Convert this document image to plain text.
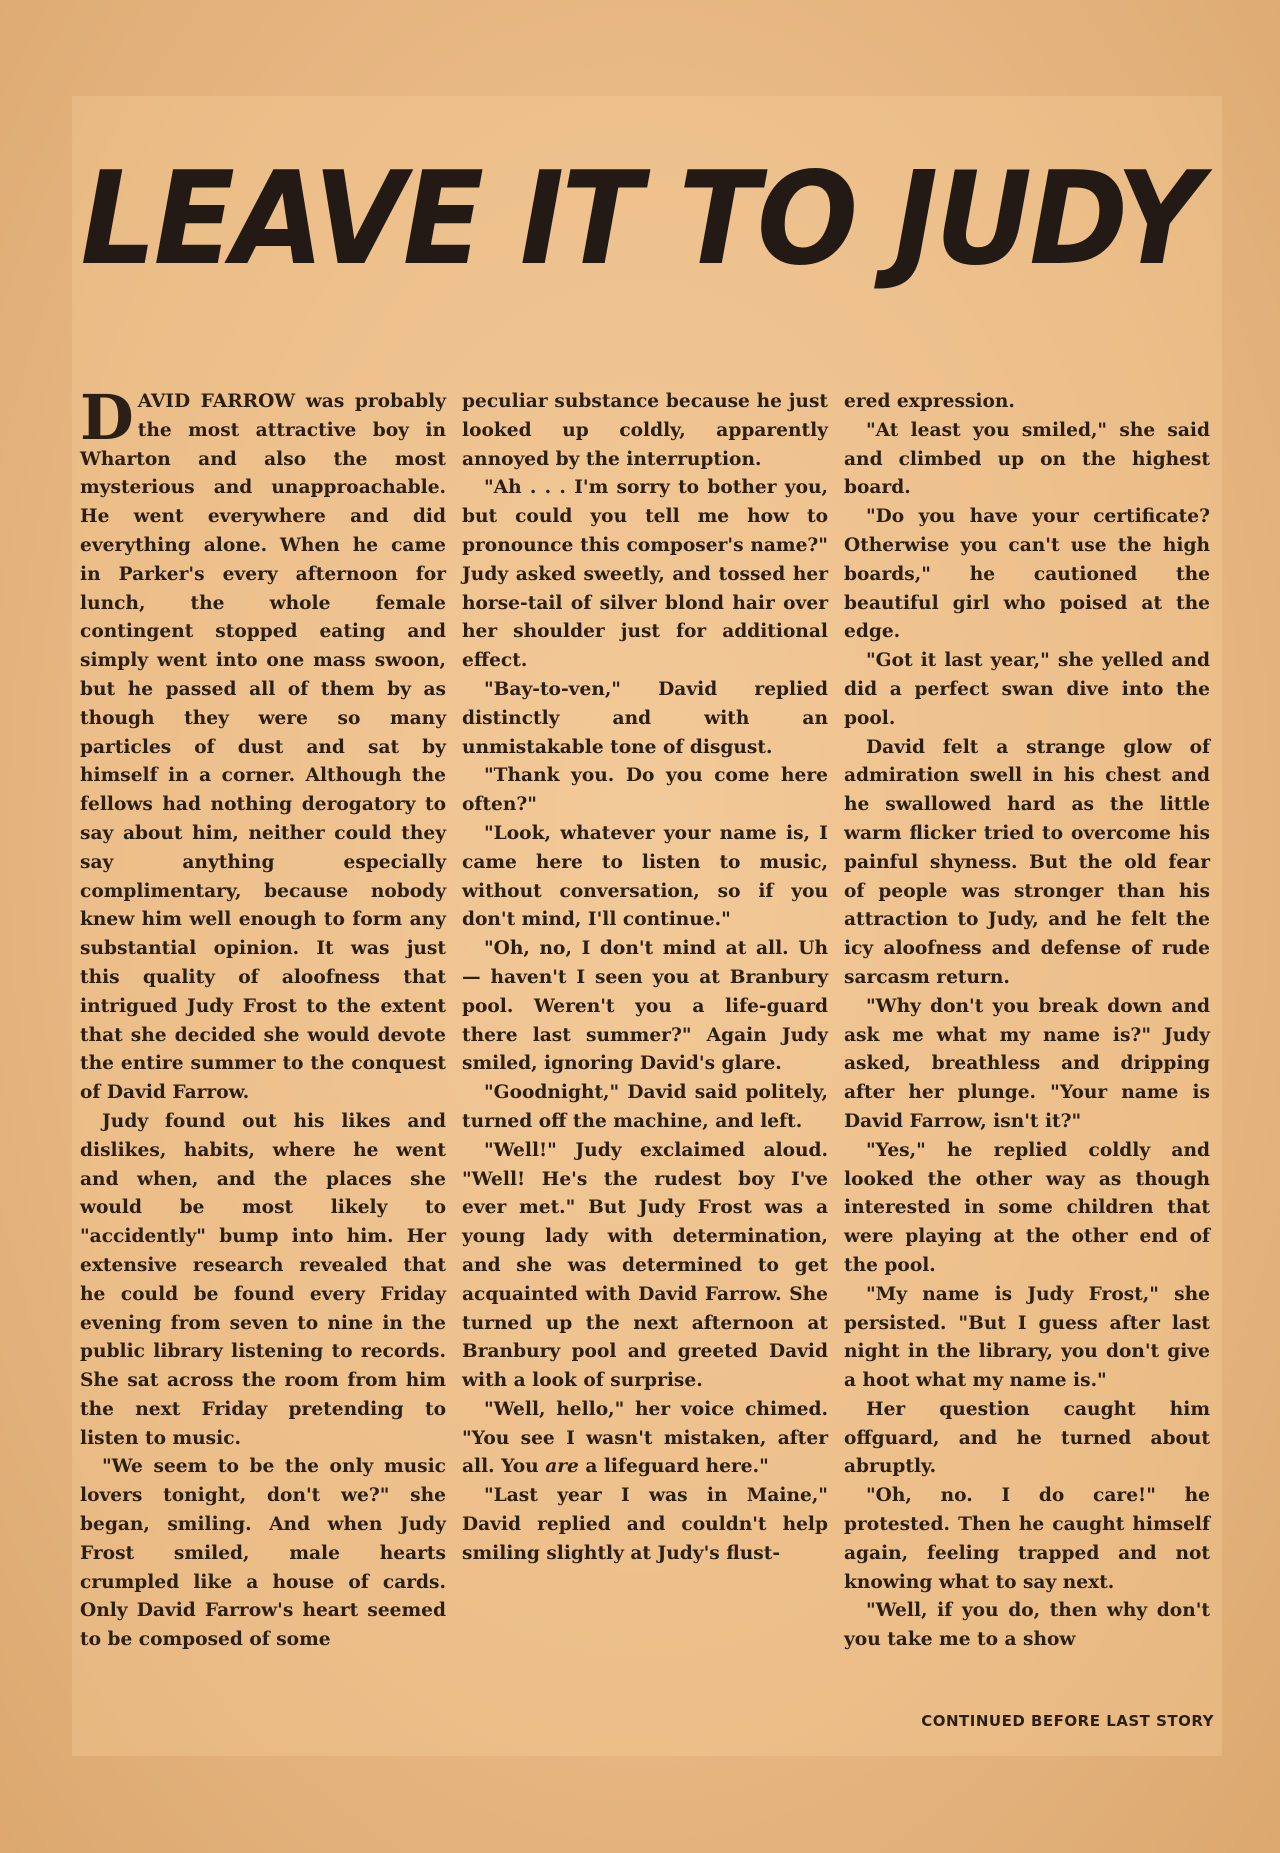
LEAVE IT TO JUDY

DAVID FARROW was probably the most attractive boy in Wharton and also the most mysterious and unapproachable. He went everywhere and did everything alone. When he came in Parker's every afternoon for lunch, the whole female contingent stopped eating and simply went into one mass swoon, but he passed all of them by as though they were so many particles of dust and sat by himself in a corner. Although the fellows had nothing derogatory to say about him, neither could they say anything especially complimentary, because nobody knew him well enough to form any substantial opinion. It was just this quality of aloofness that intrigued Judy Frost to the extent that she decided she would devote the entire summer to the conquest of David Farrow.

Judy found out his likes and dislikes, habits, where he went and when, and the places she would be most likely to "accidently" bump into him. Her extensive research revealed that he could be found every Friday evening from seven to nine in the public library listening to records. She sat across the room from him the next Friday pretending to listen to music.

"We seem to be the only music lovers tonight, don't we?" she began, smiling. And when Judy Frost smiled, male hearts crumpled like a house of cards. Only David Farrow's heart seemed to be composed of some

peculiar substance because he just looked up coldly, apparently annoyed by the interruption.

"Ah . . . I'm sorry to bother you, but could you tell me how to pronounce this composer's name?" Judy asked sweetly, and tossed her horse-tail of silver blond hair over her shoulder just for additional effect.

"Bay-to-ven," David replied distinctly and with an unmistakable tone of disgust.

"Thank you. Do you come here often?"

"Look, whatever your name is, I came here to listen to music, without conversation, so if you don't mind, I'll continue."

"Oh, no, I don't mind at all. Uh — haven't I seen you at Branbury pool. Weren't you a life-guard there last summer?" Again Judy smiled, ignoring David's glare.

"Goodnight," David said politely, turned off the machine, and left.

"Well!" Judy exclaimed aloud. "Well! He's the rudest boy I've ever met." But Judy Frost was a young lady with determination, and she was determined to get acquainted with David Farrow. She turned up the next afternoon at Branbury pool and greeted David with a look of surprise.

"Well, hello," her voice chimed. "You see I wasn't mistaken, after all. You are a lifeguard here."

"Last year I was in Maine," David replied and couldn't help smiling slightly at Judy's flust-

ered expression.

"At least you smiled," she said and climbed up on the highest board.

"Do you have your certificate? Otherwise you can't use the high boards," he cautioned the beautiful girl who poised at the edge.

"Got it last year," she yelled and did a perfect swan dive into the pool.

David felt a strange glow of admiration swell in his chest and he swallowed hard as the little warm flicker tried to overcome his painful shyness. But the old fear of people was stronger than his attraction to Judy, and he felt the icy aloofness and defense of rude sarcasm return.

"Why don't you break down and ask me what my name is?" Judy asked, breathless and dripping after her plunge. "Your name is David Farrow, isn't it?"

"Yes," he replied coldly and looked the other way as though interested in some children that were playing at the other end of the pool.

"My name is Judy Frost," she persisted. "But I guess after last night in the library, you don't give a hoot what my name is."

Her question caught him offguard, and he turned about abruptly.

"Oh, no. I do care!" he protested. Then he caught himself again, feeling trapped and not knowing what to say next.

"Well, if you do, then why don't you take me to a show

CONTINUED BEFORE LAST STORY
